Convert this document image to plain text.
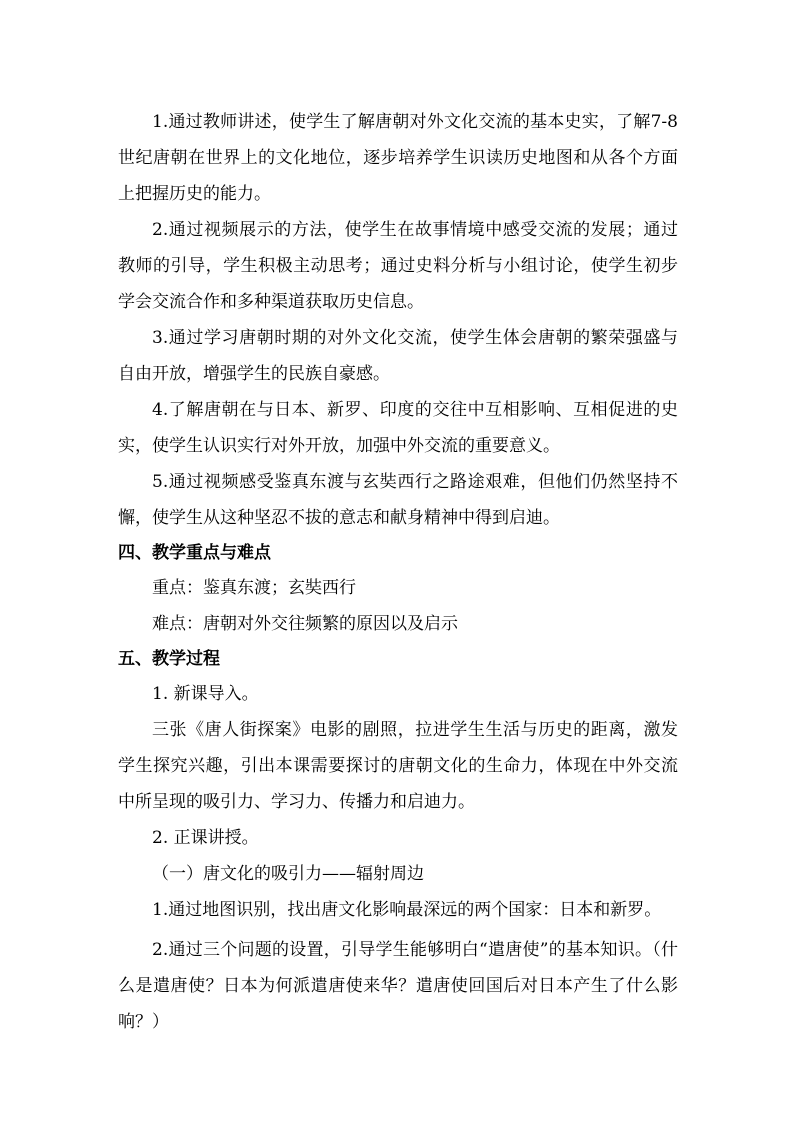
1.通过教师讲述，使学生了解唐朝对外文化交流的基本史实，了解7-8世纪唐朝在世界上的文化地位，逐步培养学生识读历史地图和从各个方面上把握历史的能力。

2.通过视频展示的方法，使学生在故事情境中感受交流的发展；通过教师的引导，学生积极主动思考；通过史料分析与小组讨论，使学生初步学会交流合作和多种渠道获取历史信息。

3.通过学习唐朝时期的对外文化交流，使学生体会唐朝的繁荣强盛与自由开放，增强学生的民族自豪感。

4.了解唐朝在与日本、新罗、印度的交往中互相影响、互相促进的史实，使学生认识实行对外开放，加强中外交流的重要意义。

5.通过视频感受鉴真东渡与玄奘西行之路途艰难，但他们仍然坚持不懈，使学生从这种坚忍不拔的意志和献身精神中得到启迪。

四、教学重点与难点

重点：鉴真东渡；玄奘西行

难点：唐朝对外交往频繁的原因以及启示

五、教学过程

1. 新课导入。

三张《唐人街探案》电影的剧照，拉进学生生活与历史的距离，激发学生探究兴趣，引出本课需要探讨的唐朝文化的生命力，体现在中外交流中所呈现的吸引力、学习力、传播力和启迪力。

2. 正课讲授。

（一）唐文化的吸引力——辐射周边

1.通过地图识别，找出唐文化影响最深远的两个国家：日本和新罗。

2.通过三个问题的设置，引导学生能够明白“遣唐使”的基本知识。（什么是遣唐使？日本为何派遣唐使来华？遣唐使回国后对日本产生了什么影响？）
